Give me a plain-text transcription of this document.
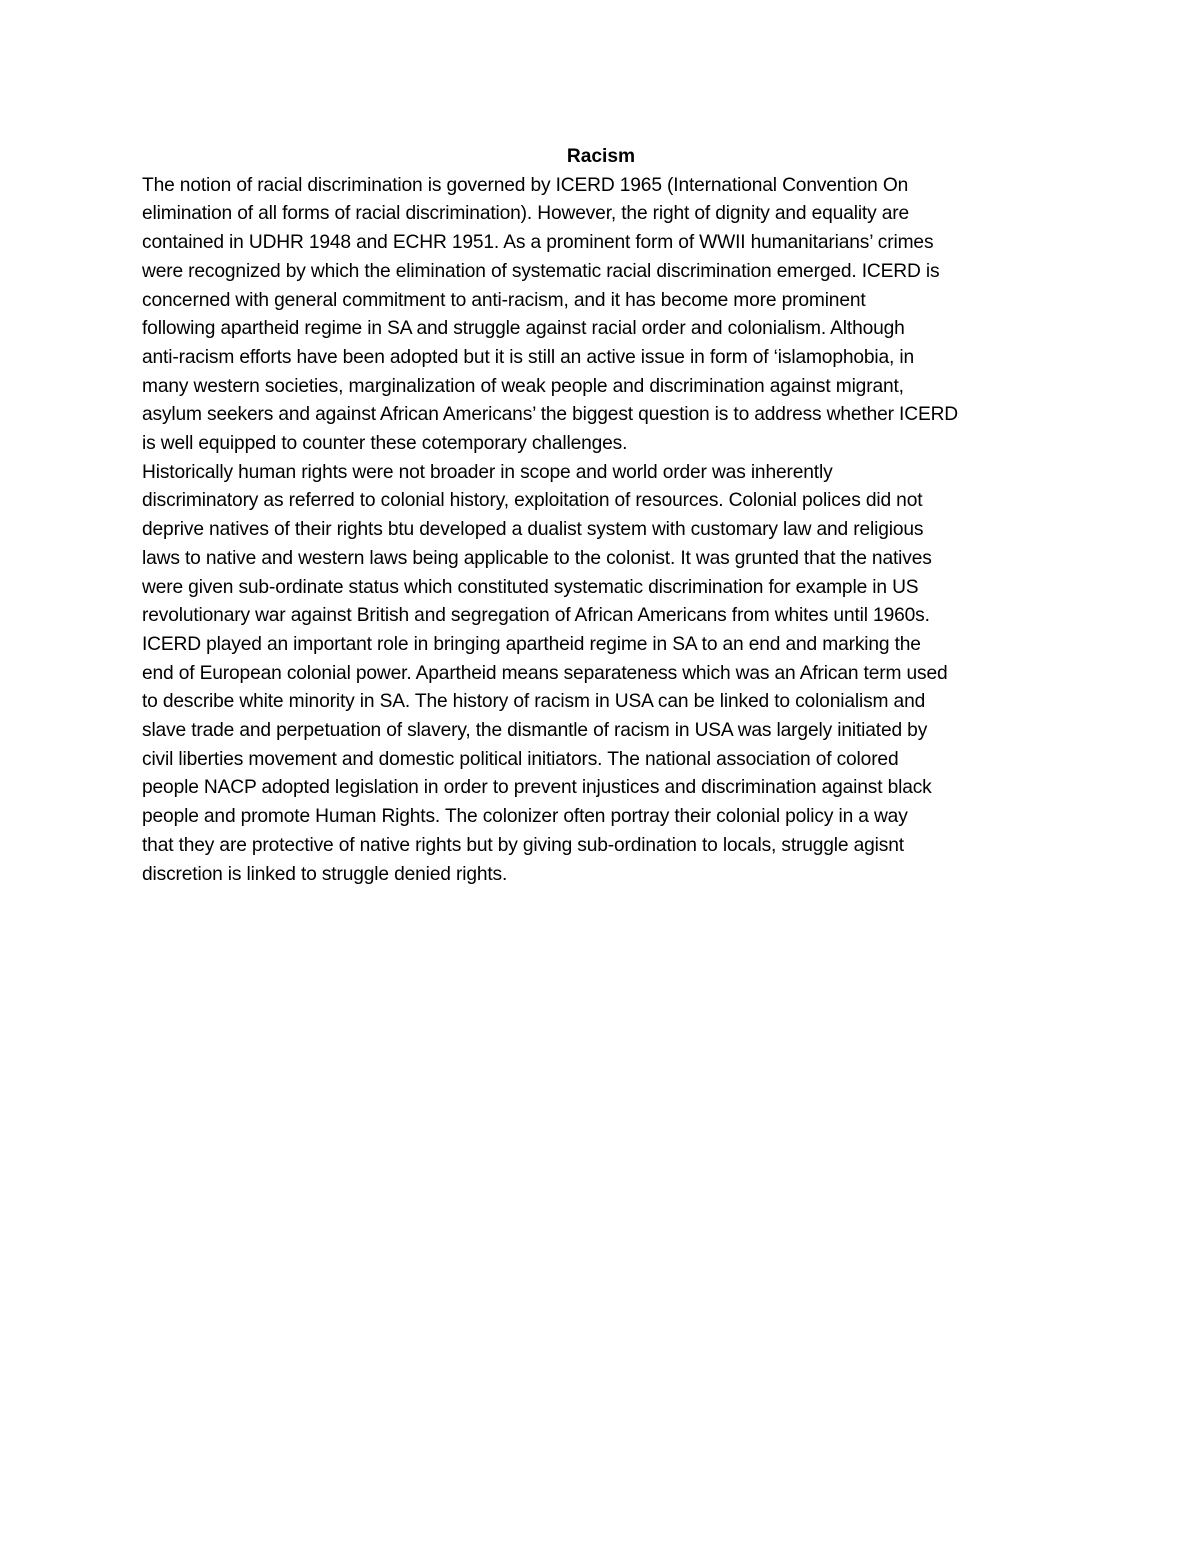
Racism

The notion of racial discrimination is governed by ICERD 1965 (International Convention On

elimination of all forms of racial discrimination). However, the right of dignity and equality are

contained in UDHR 1948 and ECHR 1951. As a prominent form of WWII humanitarians’ crimes

were recognized by which the elimination of systematic racial discrimination emerged. ICERD is

concerned with general commitment to anti-racism, and it has become more prominent

following apartheid regime in SA and struggle against racial order and colonialism. Although

anti-racism efforts have been adopted but it is still an active issue in form of ‘islamophobia, in

many western societies, marginalization of weak people and discrimination against migrant,

asylum seekers and against African Americans’ the biggest question is to address whether ICERD

is well equipped to counter these cotemporary challenges.

Historically human rights were not broader in scope and world order was inherently

discriminatory as referred to colonial history, exploitation of resources. Colonial polices did not

deprive natives of their rights btu developed a dualist system with customary law and religious

laws to native and western laws being applicable to the colonist. It was grunted that the natives

were given sub-ordinate status which constituted systematic discrimination for example in US

revolutionary war against British and segregation of African Americans from whites until 1960s.

ICERD played an important role in bringing apartheid regime in SA to an end and marking the

end of European colonial power. Apartheid means separateness which was an African term used

to describe white minority in SA. The history of racism in USA can be linked to colonialism and

slave trade and perpetuation of slavery, the dismantle of racism in USA was largely initiated by

civil liberties movement and domestic political initiators. The national association of colored

people NACP adopted legislation in order to prevent injustices and discrimination against black

people and promote Human Rights. The colonizer often portray their colonial policy in a way

that they are protective of native rights but by giving sub-ordination to locals, struggle agisnt

discretion is linked to struggle denied rights.
